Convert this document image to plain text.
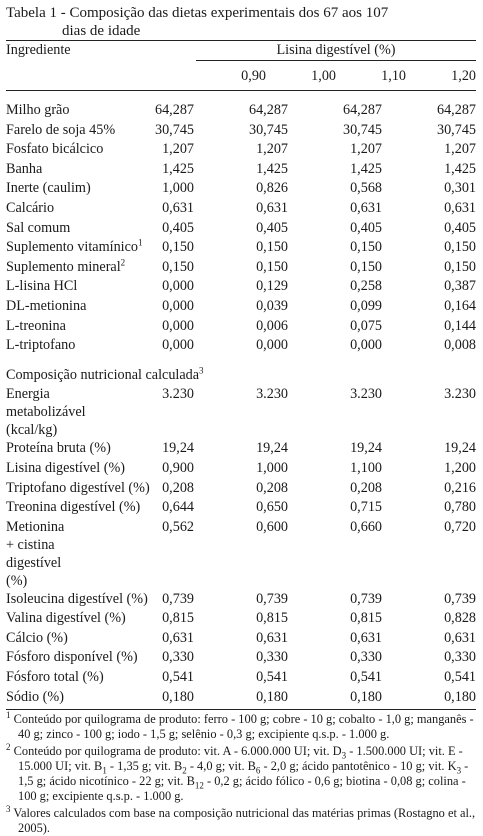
Tabela 1 - Composição das dietas experimentais dos 67 aos 107
dias de idade
Ingrediente	Lisina digestível (%)			

	0,90	1,00	1,10	1,20

Milho grão	64,287	64,287	64,287	64,287
Farelo de soja 45%	30,745	30,745	30,745	30,745
Fosfato bicálcico	1,207	1,207	1,207	1,207
Banha	1,425	1,425	1,425	1,425
Inerte (caulim)	1,000	0,826	0,568	0,301
Calcário	0,631	0,631	0,631	0,631
Sal comum	0,405	0,405	0,405	0,405
Suplemento vitamínico$^1$	0,150	0,150	0,150	0,150
Suplemento mineral$^2$	0,150	0,150	0,150	0,150
L-lisina HCl	0,000	0,129	0,258	0,387
DL-metionina	0,000	0,039	0,099	0,164
L-treonina	0,000	0,006	0,075	0,144
L-triptofano	0,000	0,000	0,000	0,008

Composição nutricional calculada$^3$
Energia metabolizável (kcal/kg)	3.230	3.230	3.230	3.230
Proteína bruta (%)	19,24	19,24	19,24	19,24
Lisina digestível (%)	0,900	1,000	1,100	1,200
Triptofano digestível (%)	0,208	0,208	0,208	0,216
Treonina digestível (%)	0,644	0,650	0,715	0,780
Metionina + cistina digestível (%)	0,562	0,600	0,660	0,720
Isoleucina digestível (%)	0,739	0,739	0,739	0,739
Valina digestível (%)	0,815	0,815	0,815	0,828
Cálcio (%)	0,631	0,631	0,631	0,631
Fósforo disponível (%)	0,330	0,330	0,330	0,330
Fósforo total (%)	0,541	0,541	0,541	0,541
Sódio (%)	0,180	0,180	0,180	0,180
$^1$ Conteúdo por quilograma de produto: ferro - 100 g; cobre - 10 g; cobalto - 1,0 g; manganês - 40 g; zinco - 100 g; iodo - 1,5 g; selênio - 0,3 g; excipiente q.s.p. - 1.000 g.
$^2$ Conteúdo por quilograma de produto: vit. A - 6.000.000 UI; vit. $D_3 - 1.500.000$ UI; vit. E - 15.000 UI; vit. $B_1 - 1,35$ g; vit. $B_2 - 4,0$ g; vit. $B_6 - 2,0$ g; ácido pantotênico - 10 g; vit. $K_3 - 1,5$ g; ácido nicotínico - 22 g; vit. $B_{12} - 0,2$ g; ácido fólico - 0,6 g; biotina - 0,08 g; colina - 100 g; excipiente q.s.p. - 1.000 g.
$^3$ Valores calculados com base na composição nutricional das matérias primas (Rostagno et al., 2005).
